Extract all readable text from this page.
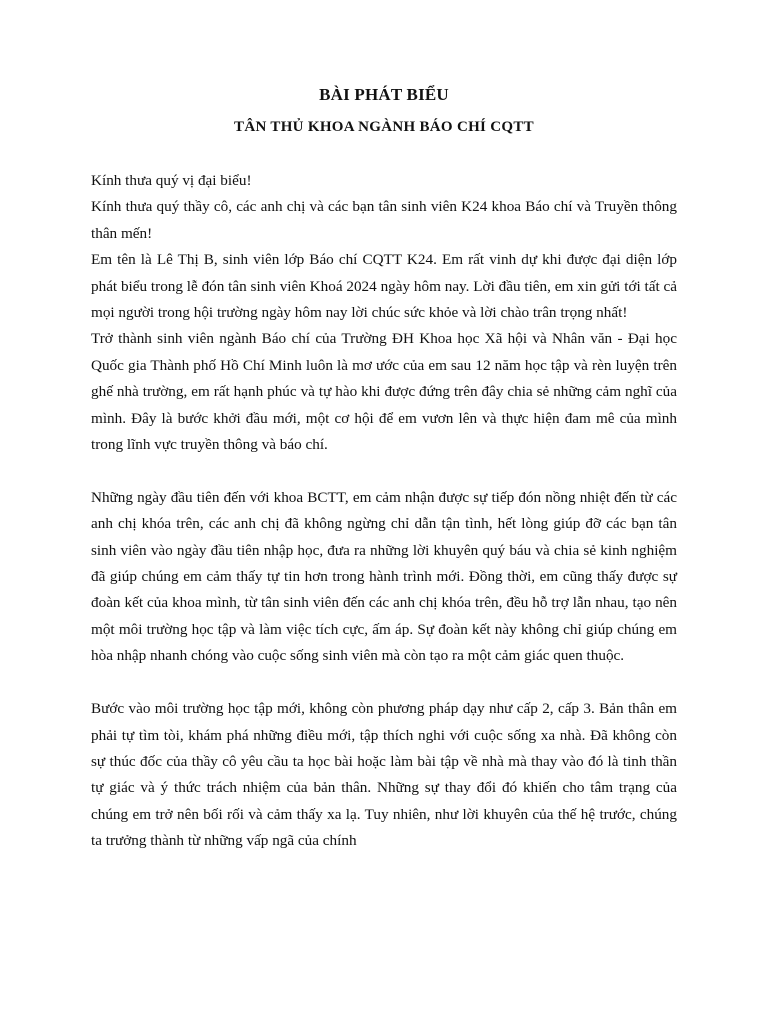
BÀI PHÁT BIỂU
TÂN THỦ KHOA NGÀNH BÁO CHÍ CQTT

Kính thưa quý vị đại biểu!

Kính thưa quý thầy cô, các anh chị và các bạn tân sinh viên K24 khoa Báo chí và Truyền thông thân mến!

Em tên là Lê Thị B, sinh viên lớp Báo chí CQTT K24. Em rất vinh dự khi được đại diện lớp phát biểu trong lễ đón tân sinh viên Khoá 2024 ngày hôm nay. Lời đầu tiên, em xin gửi tới tất cả mọi người trong hội trường ngày hôm nay lời chúc sức khỏe và lời chào trân trọng nhất!

Trở thành sinh viên ngành Báo chí của Trường ĐH Khoa học Xã hội và Nhân văn - Đại học Quốc gia Thành phố Hồ Chí Minh luôn là mơ ước của em sau 12 năm học tập và rèn luyện trên ghế nhà trường, em rất hạnh phúc và tự hào khi được đứng trên đây chia sẻ những cảm nghĩ của mình. Đây là bước khởi đầu mới, một cơ hội để em vươn lên và thực hiện đam mê của mình trong lĩnh vực truyền thông và báo chí.

Những ngày đầu tiên đến với khoa BCTT, em cảm nhận được sự tiếp đón nồng nhiệt đến từ các anh chị khóa trên, các anh chị đã không ngừng chỉ dẫn tận tình, hết lòng giúp đỡ các bạn tân sinh viên vào ngày đầu tiên nhập học, đưa ra những lời khuyên quý báu và chia sẻ kinh nghiệm đã giúp chúng em cảm thấy tự tin hơn trong hành trình mới. Đồng thời, em cũng thấy được sự đoàn kết của khoa mình, từ tân sinh viên đến các anh chị khóa trên, đều hỗ trợ lẫn nhau, tạo nên một môi trường học tập và làm việc tích cực, ấm áp. Sự đoàn kết này không chỉ giúp chúng em hòa nhập nhanh chóng vào cuộc sống sinh viên mà còn tạo ra một cảm giác quen thuộc.

Bước vào môi trường học tập mới, không còn phương pháp dạy như cấp 2, cấp 3. Bản thân em phải tự tìm tòi, khám phá những điều mới, tập thích nghi với cuộc sống xa nhà. Đã không còn sự thúc đốc của thầy cô yêu cầu ta học bài hoặc làm bài tập về nhà mà thay vào đó là tinh thần tự giác và ý thức trách nhiệm của bản thân. Những sự thay đổi đó khiến cho tâm trạng của chúng em trở nên bối rối và cảm thấy xa lạ. Tuy nhiên, như lời khuyên của thế hệ trước, chúng ta trưởng thành từ những vấp ngã của chính
